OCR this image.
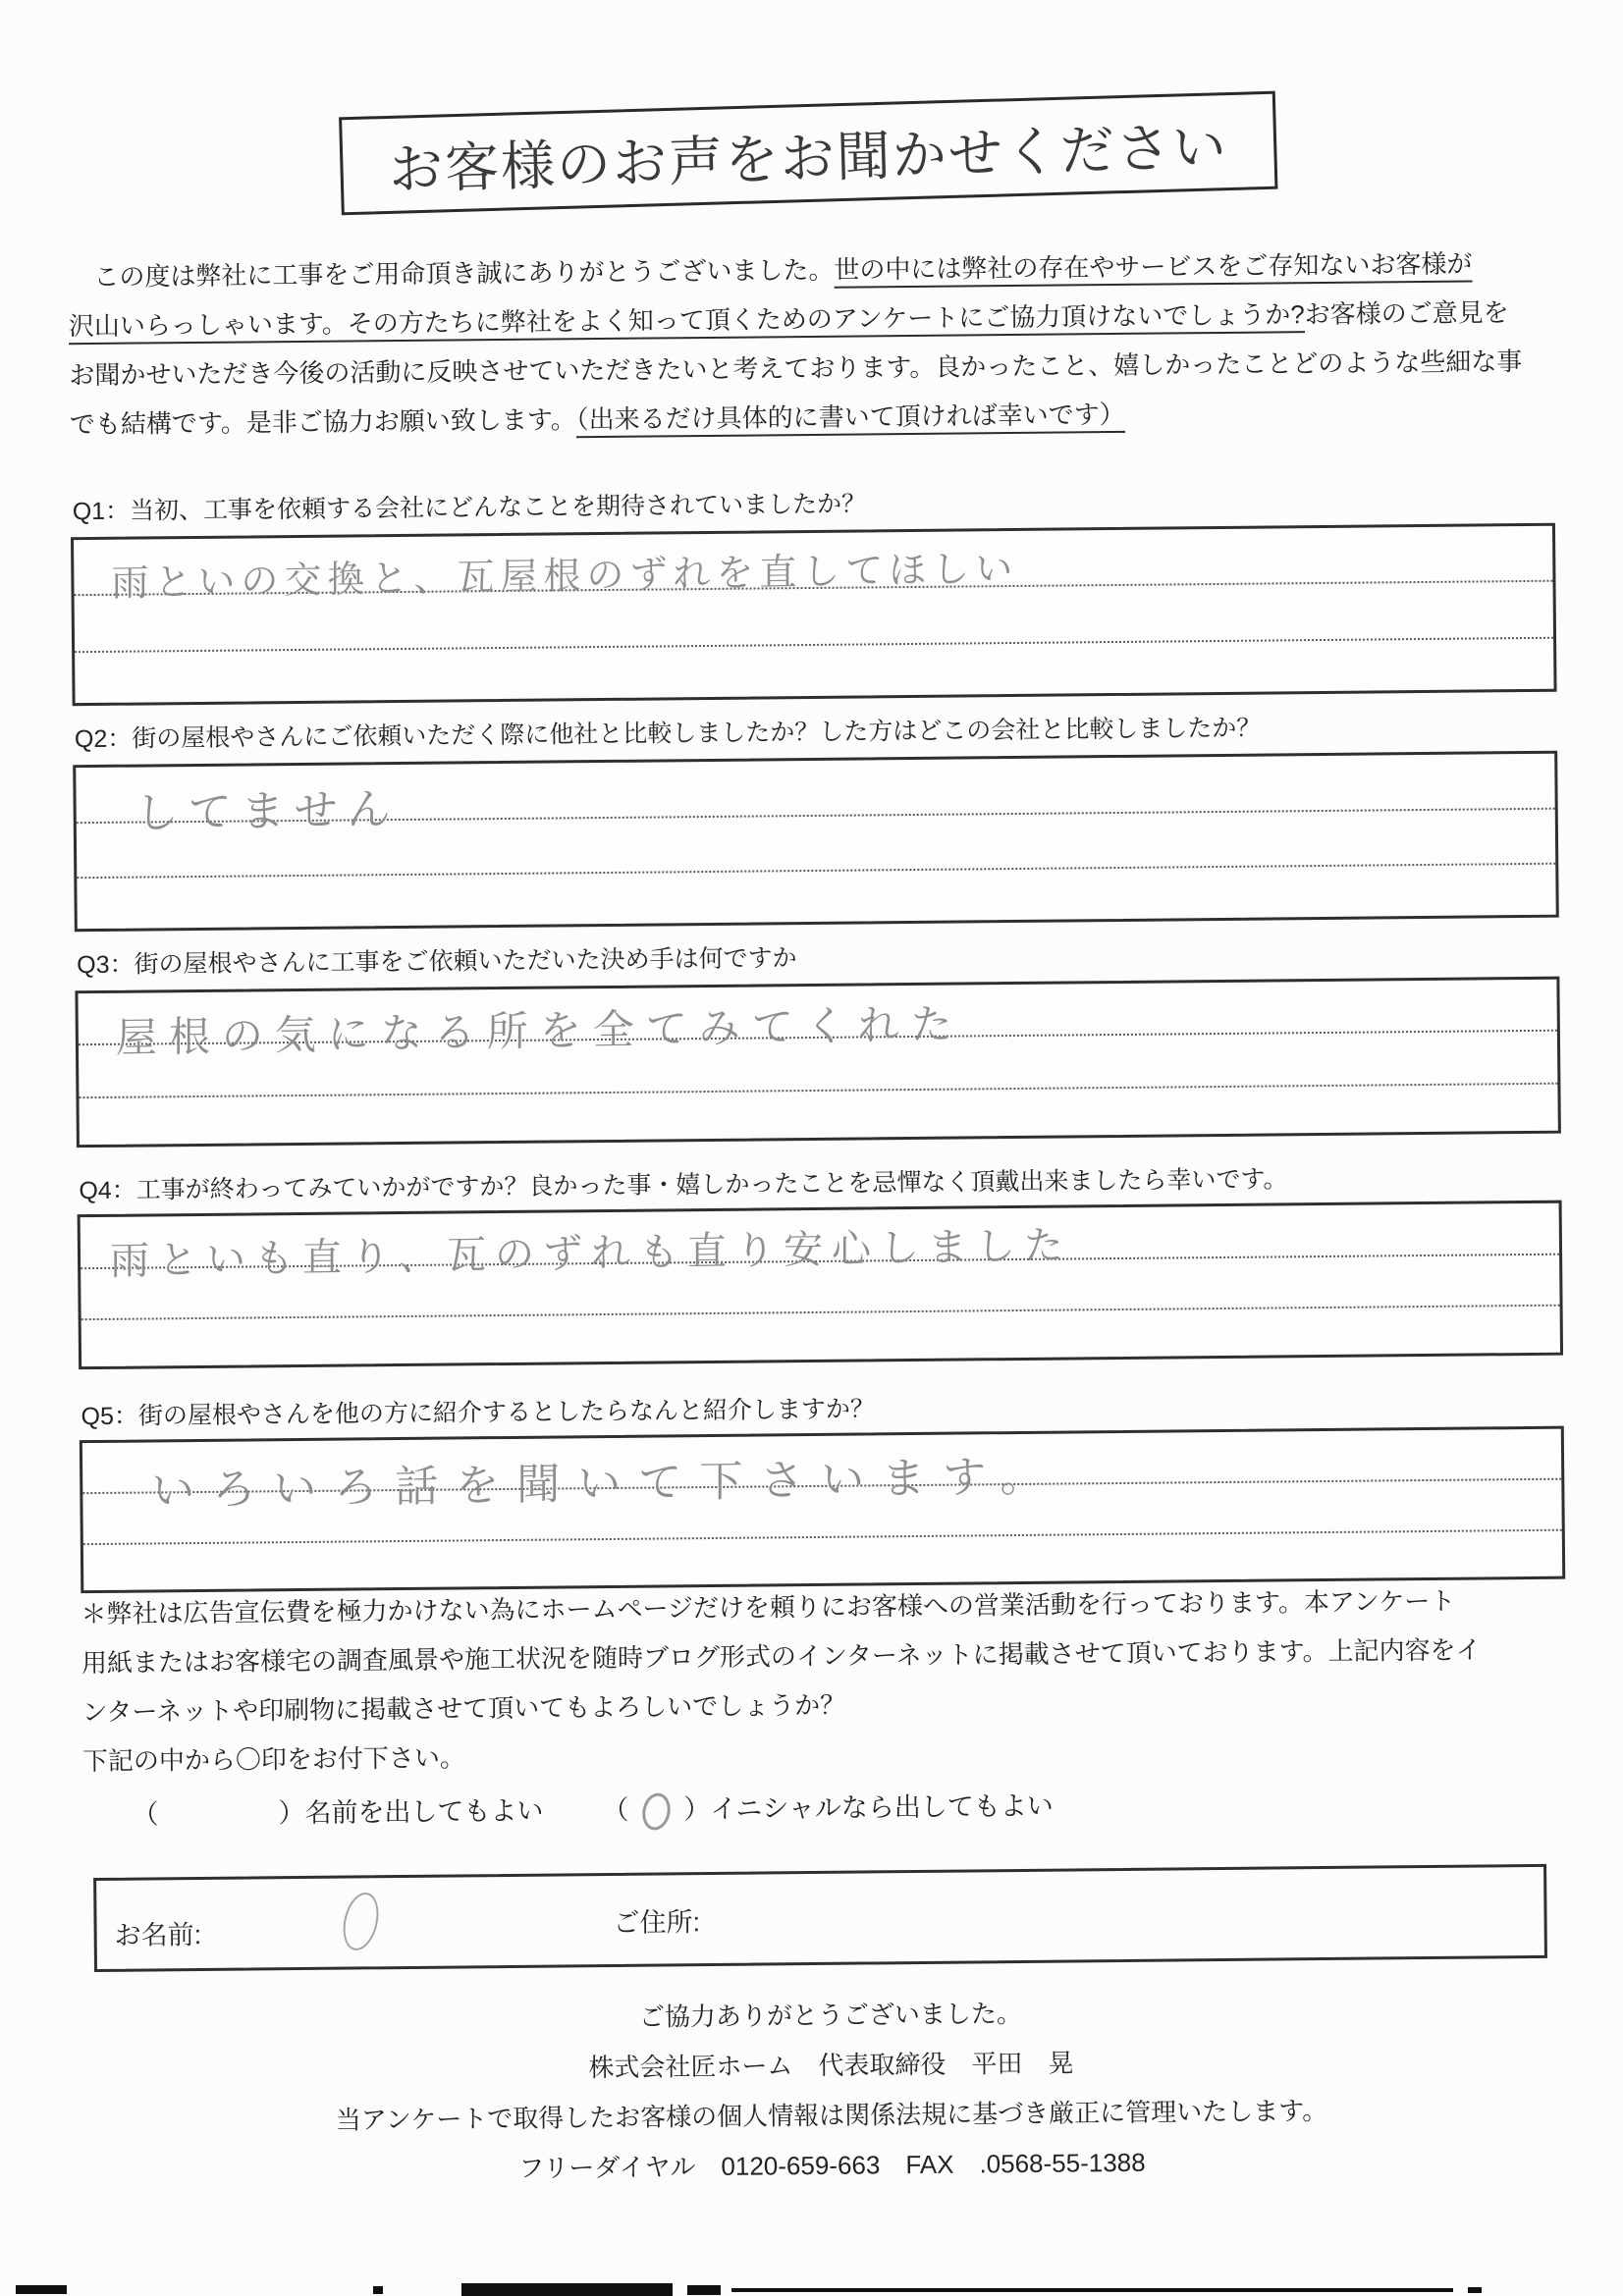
お客様のお声をお聞かせください
　この度は弊社に工事をご用命頂き誠にありがとうございました。世の中には弊社の存在やサービスをご存知ないお客様が
沢山いらっしゃいます。その方たちに弊社をよく知って頂くためのアンケートにご協力頂けないでしょうか?お客様のご意見を
お聞かせいただき今後の活動に反映させていただきたいと考えております。良かったこと、嬉しかったことどのような些細な事
でも結構です。是非ご協力お願い致します。（出来るだけ具体的に書いて頂ければ幸いです）
Q1：当初、工事を依頼する会社にどんなことを期待されていましたか？
雨といの交換と、瓦屋根のずれを直してほしい
Q2：街の屋根やさんにご依頼いただく際に他社と比較しましたか？した方はどこの会社と比較しましたか？
してません
Q3：街の屋根やさんに工事をご依頼いただいた決め手は何ですか
屋根の気になる所を全てみてくれた
Q4：工事が終わってみていかがですか？良かった事・嬉しかったことを忌憚なく頂戴出来ましたら幸いです。
雨といも直り、瓦のずれも直り安心しました
Q5：街の屋根やさんを他の方に紹介するとしたらなんと紹介しますか？
いろいろ話を聞いて下さいます。
＊弊社は広告宣伝費を極力かけない為にホームページだけを頼りにお客様への営業活動を行っております。本アンケート
用紙またはお客様宅の調査風景や施工状況を随時ブログ形式のインターネットに掲載させて頂いております。上記内容をイ
ンターネットや印刷物に掲載させて頂いてもよろしいでしょうか？
下記の中から〇印をお付下さい。
（	）名前を出してもよい （ ）イニシャルなら出してもよい
お名前:	ご住所:
ご協力ありがとうございました。
株式会社匠ホーム　代表取締役　平田　晃
当アンケートで取得したお客様の個人情報は関係法規に基づき厳正に管理いたします。
フリーダイヤル　0120-659-663　FAX　.0568-55-1388
